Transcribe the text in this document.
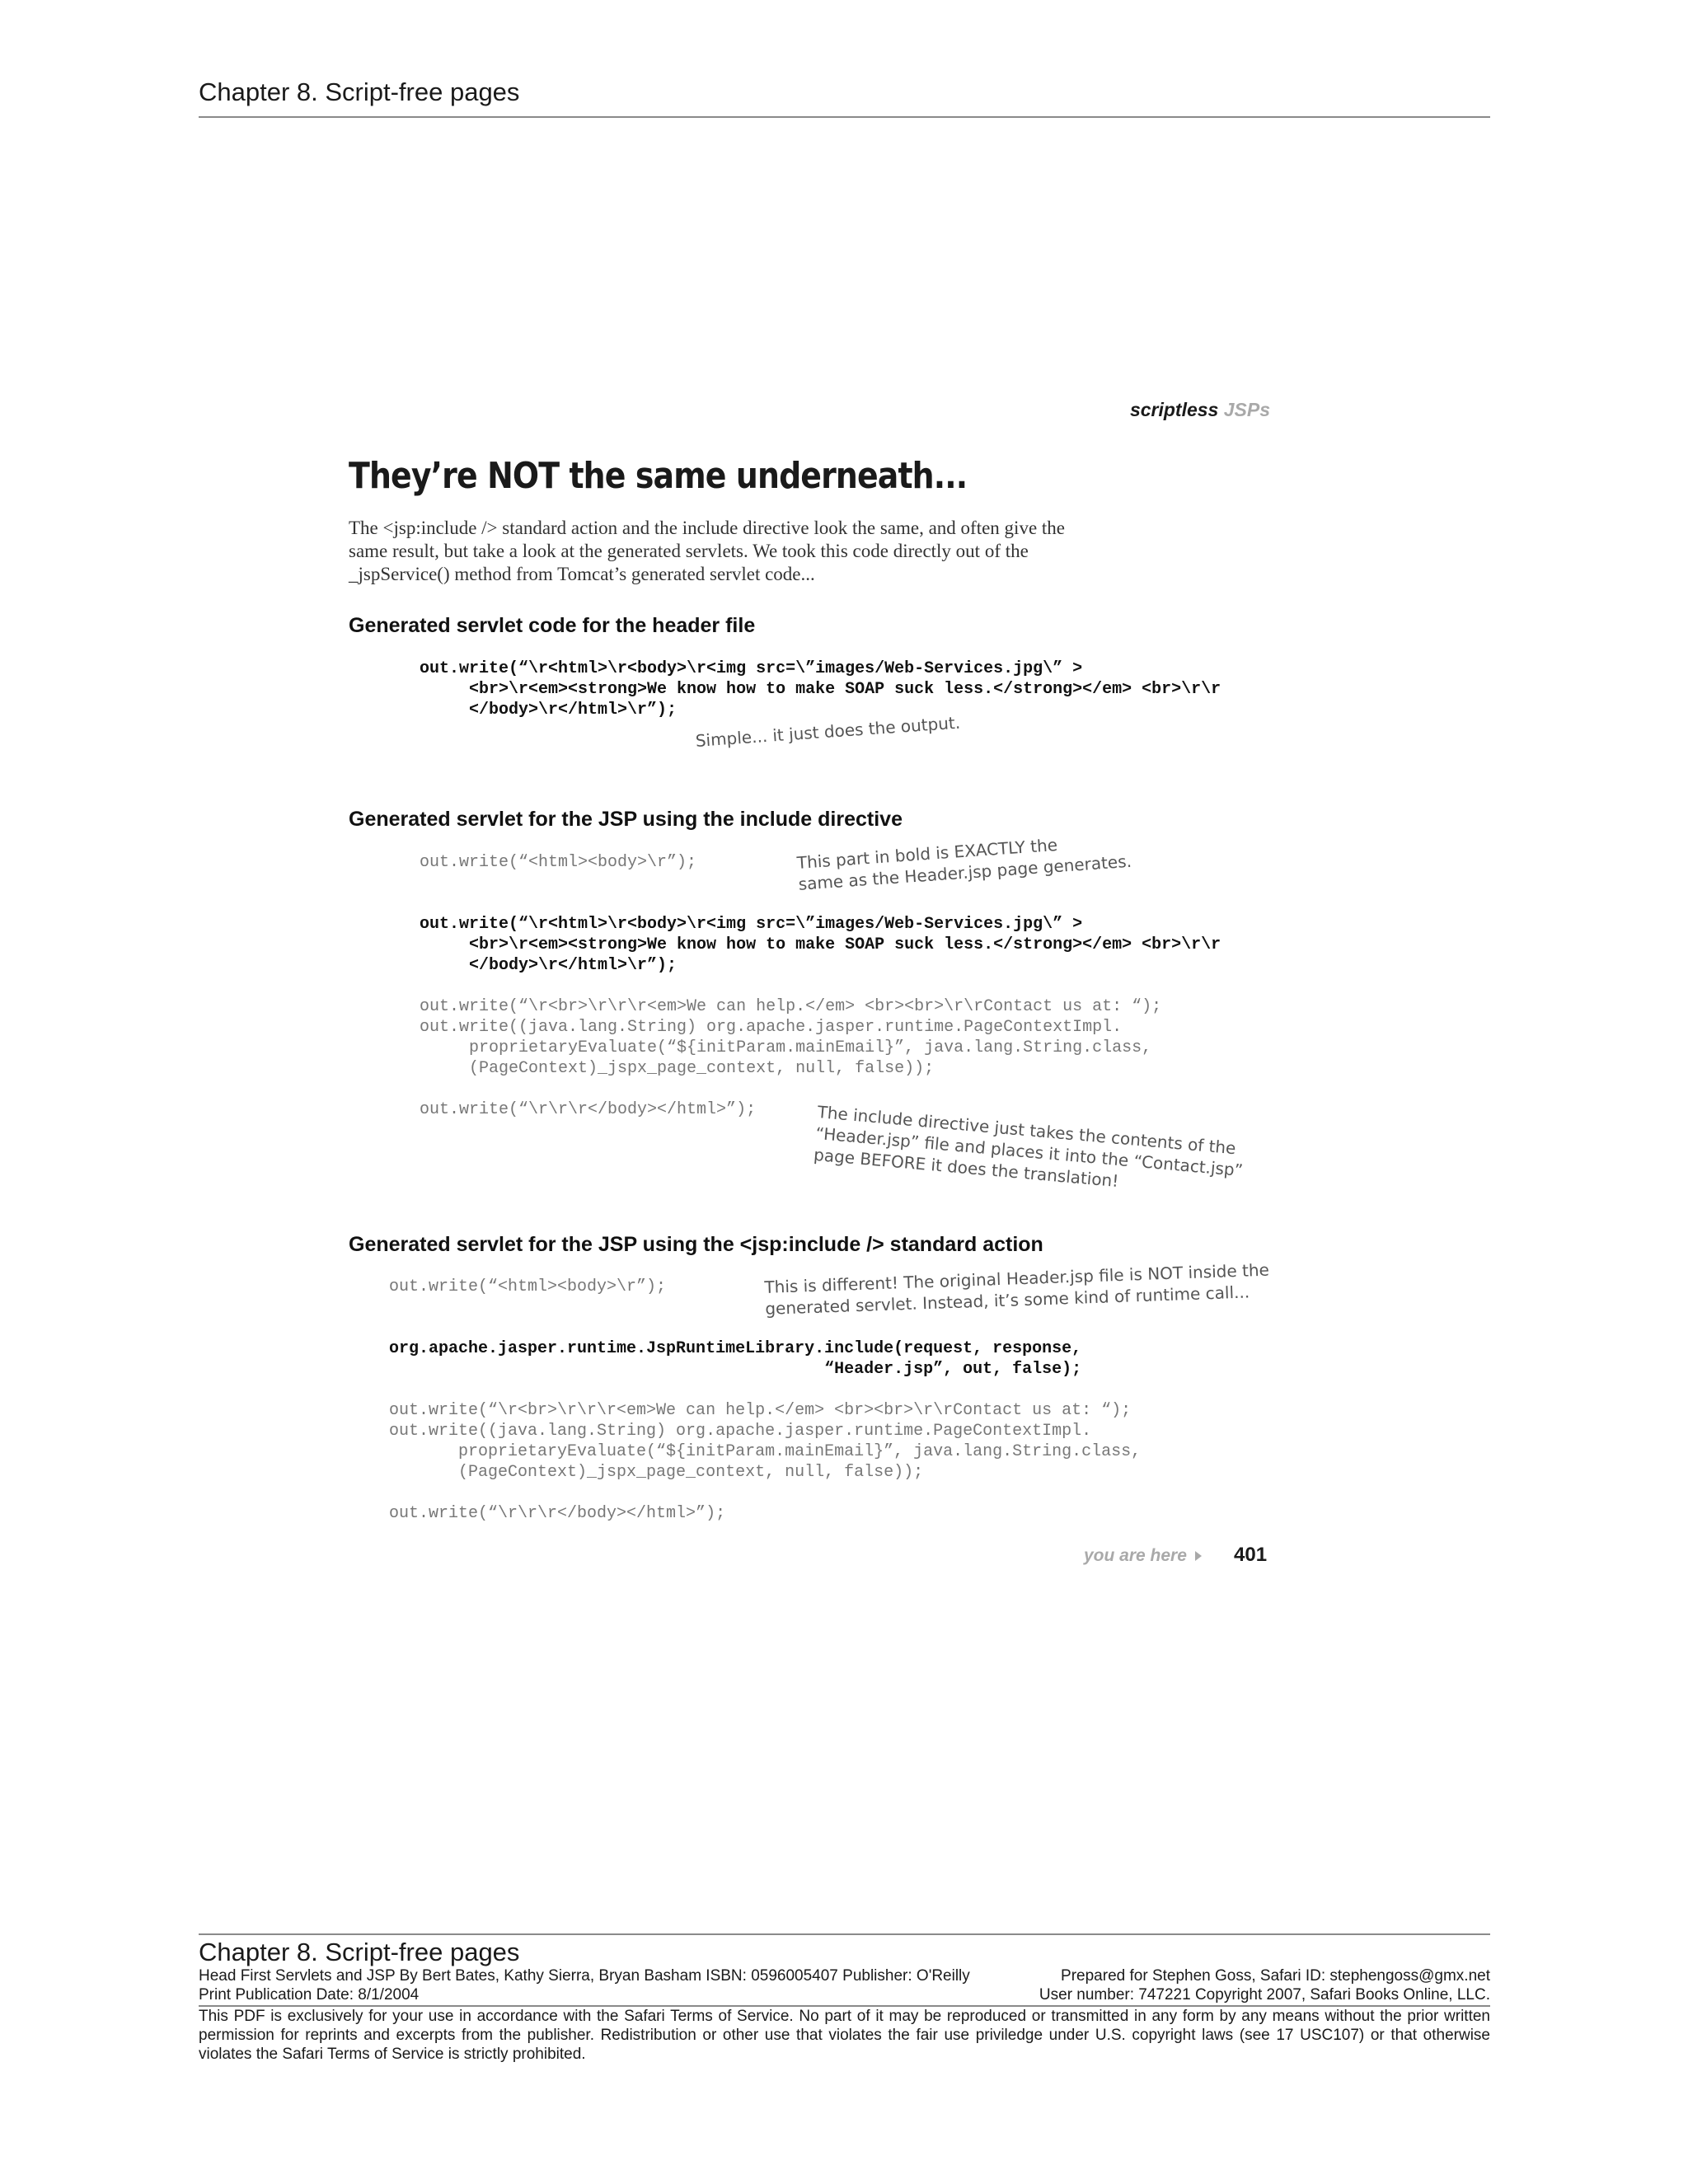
Chapter 8. Script-free pages
scriptless JSPs
They’re NOT the same underneath...
The <jsp:include /> standard action and the include directive look the same, and often give the same result, but take a look at the generated servlets. We took this code directly out of the _jspService() method from Tomcat’s generated servlet code...
Generated servlet code for the header file
out.write(“\r<html>\r<body>\r<img src=\”images/Web-Services.jpg\” >
<br>\r<em><strong>We know how to make SOAP suck less.</strong></em> <br>\r\r
</body>\r</html>\r”);
Simple... it just does the output.
Generated servlet for the JSP using the include directive
out.write(“<html><body>\r”);	This part in bold is EXACTLY the
same as the Header.jsp page generates.
out.write(“\r<html>\r<body>\r<img src=\”images/Web-Services.jpg\” >
<br>\r<em><strong>We know how to make SOAP suck less.</strong></em> <br>\r\r
</body>\r</html>\r”);
out.write(“\r<br>\r\r\r<em>We can help.</em> <br><br>\r\rContact us at: “);
out.write((java.lang.String) org.apache.jasper.runtime.PageContextImpl.
proprietaryEvaluate(“${initParam.mainEmail}”, java.lang.String.class,
(PageContext)_jspx_page_context, null, false));
out.write(“\r\r\r</body></html>”);	The include directive just takes the contents of the
“Header.jsp” file and places it into the “Contact.jsp”
page BEFORE it does the translation!
Generated servlet for the JSP using the <jsp:include /> standard action
out.write(“<html><body>\r”);	This is different! The original Header.jsp file is NOT inside the
generated servlet. Instead, it’s some kind of runtime call...
org.apache.jasper.runtime.JspRuntimeLibrary.include(request, response,
“Header.jsp”, out, false);
out.write(“\r<br>\r\r\r<em>We can help.</em> <br><br>\r\rContact us at: “);
out.write((java.lang.String) org.apache.jasper.runtime.PageContextImpl.
proprietaryEvaluate(“${initParam.mainEmail}”, java.lang.String.class,
(PageContext)_jspx_page_context, null, false));
out.write(“\r\r\r</body></html>”);
you are here 401
Chapter 8. Script-free pages
Head First Servlets and JSP By Bert Bates, Kathy Sierra, Bryan Basham ISBN: 0596005407 Publisher: O'Reilly	Prepared for Stephen Goss, Safari ID: stephengoss@gmx.net
Print Publication Date: 8/1/2004	User number: 747221 Copyright 2007, Safari Books Online, LLC.
This PDF is exclusively for your use in accordance with the Safari Terms of Service. No part of it may be reproduced or transmitted in any form by any means without the prior written permission for reprints and excerpts from the publisher. Redistribution or other use that violates the fair use priviledge under U.S. copyright laws (see 17 USC107) or that otherwise violates the Safari Terms of Service is strictly prohibited.
